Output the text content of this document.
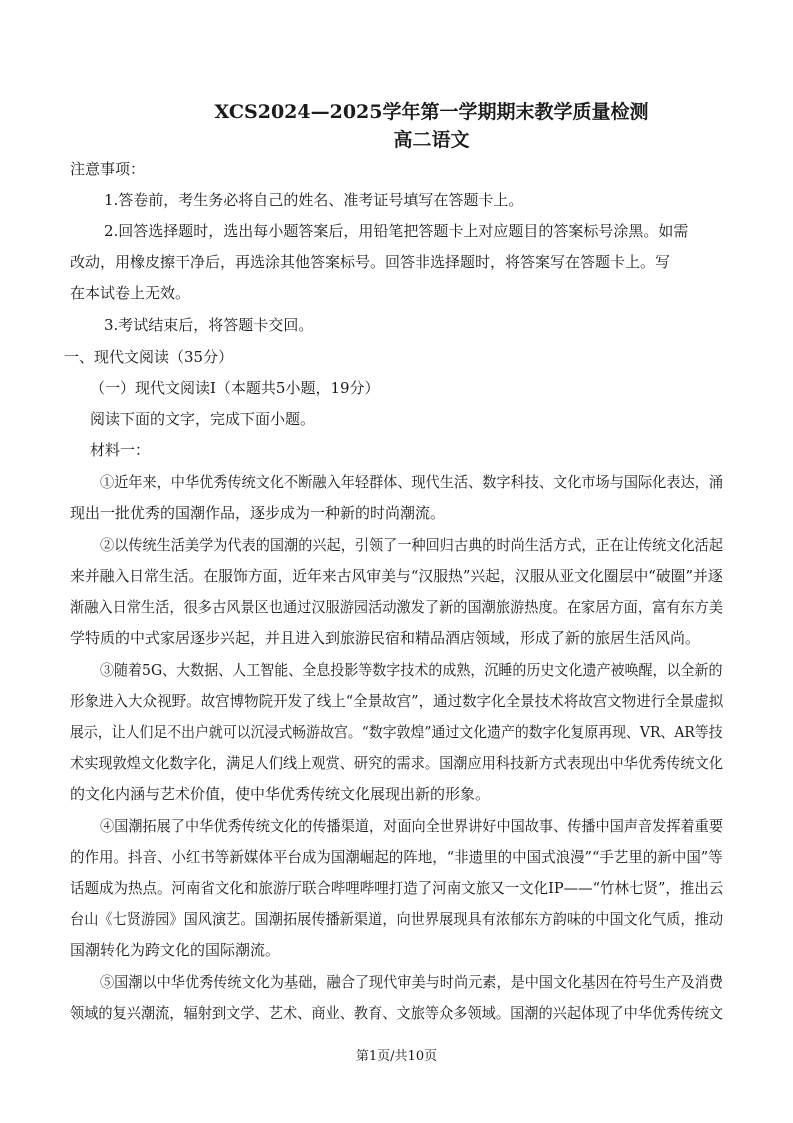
XCS2024—2025学年第一学期期末教学质量检测
高二语文
注意事项：
1.答卷前，考生务必将自己的姓名、准考证号填写在答题卡上。
2.回答选择题时，选出每小题答案后，用铅笔把答题卡上对应题目的答案标号涂黑。如需
改动，用橡皮擦干净后，再选涂其他答案标号。回答非选择题时，将答案写在答题卡上。写
在本试卷上无效。
3.考试结束后，将答题卡交回。
一、现代文阅读（35分）
（一）现代文阅读Ⅰ（本题共5小题，19分）
阅读下面的文字，完成下面小题。
材料一：
①近年来，中华优秀传统文化不断融入年轻群体、现代生活、数字科技、文化市场与国际化表达，涌
现出一批优秀的国潮作品，逐步成为一种新的时尚潮流。
②以传统生活美学为代表的国潮的兴起，引领了一种回归古典的时尚生活方式，正在让传统文化活起
来并融入日常生活。在服饰方面，近年来古风审美与“汉服热”兴起，汉服从亚文化圈层中“破圈”并逐
渐融入日常生活，很多古风景区也通过汉服游园活动激发了新的国潮旅游热度。在家居方面，富有东方美
学特质的中式家居逐步兴起，并且进入到旅游民宿和精品酒店领域，形成了新的旅居生活风尚。
③随着5G、大数据、人工智能、全息投影等数字技术的成熟，沉睡的历史文化遗产被唤醒，以全新的
形象进入大众视野。故宫博物院开发了线上“全景故宫”，通过数字化全景技术将故宫文物进行全景虚拟
展示，让人们足不出户就可以沉浸式畅游故宫。“数字敦煌”通过文化遗产的数字化复原再现、VR、AR等技
术实现敦煌文化数字化，满足人们线上观赏、研究的需求。国潮应用科技新方式表现出中华优秀传统文化
的文化内涵与艺术价值，使中华优秀传统文化展现出新的形象。
④国潮拓展了中华优秀传统文化的传播渠道，对面向全世界讲好中国故事、传播中国声音发挥着重要
的作用。抖音、小红书等新媒体平台成为国潮崛起的阵地，“非遗里的中国式浪漫”“手艺里的新中国”等
话题成为热点。河南省文化和旅游厅联合哔哩哔哩打造了河南文旅又一文化IP——“竹林七贤”，推出云
台山《七贤游园》国风演艺。国潮拓展传播新渠道，向世界展现具有浓郁东方韵味的中国文化气质，推动
国潮转化为跨文化的国际潮流。
⑤国潮以中华优秀传统文化为基础，融合了现代审美与时尚元素，是中国文化基因在符号生产及消费
领域的复兴潮流，辐射到文学、艺术、商业、教育、文旅等众多领域。国潮的兴起体现了中华优秀传统文
第1页/共10页
